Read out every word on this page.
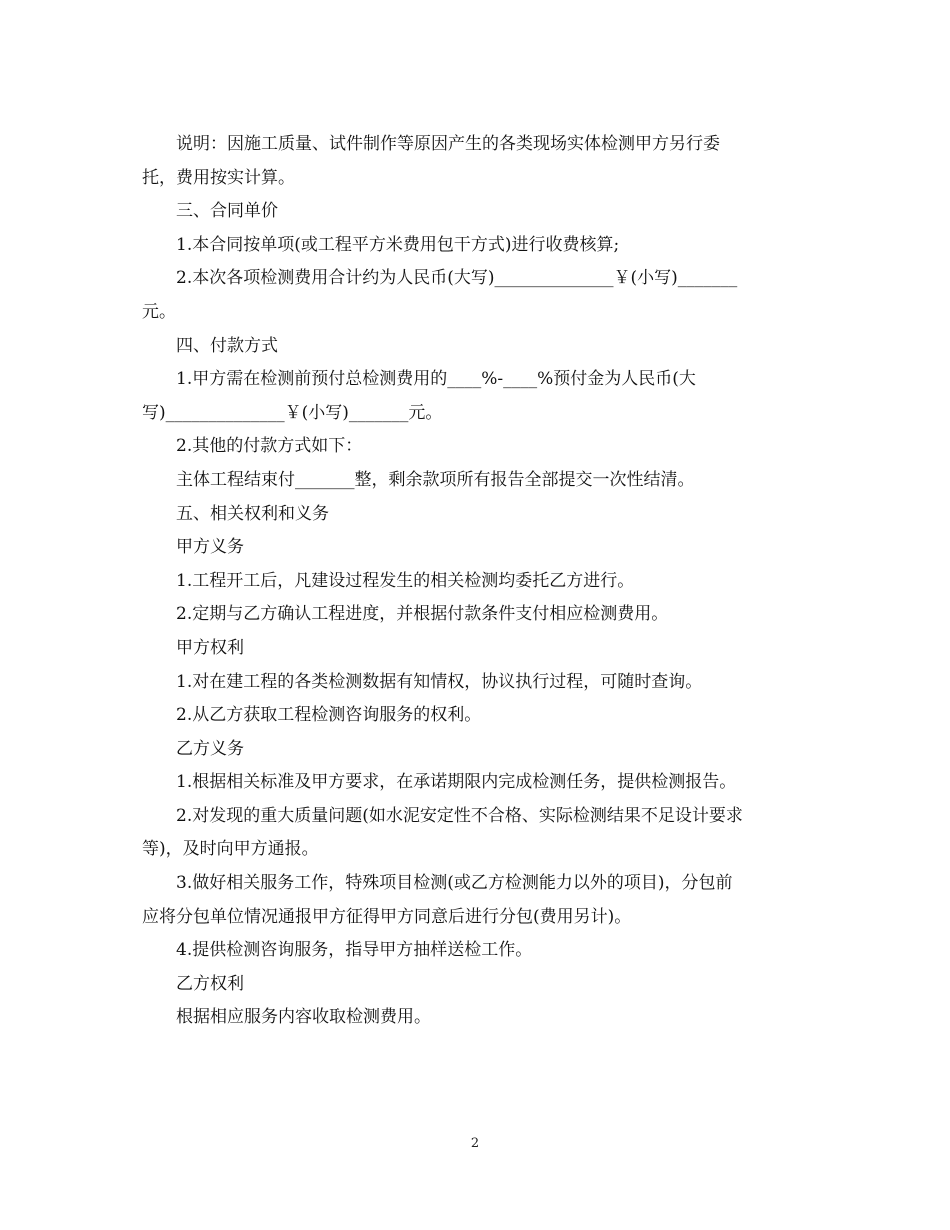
说明：因施工质量、试件制作等原因产生的各类现场实体检测甲方另行委

托，费用按实计算。

三、合同单价

1.本合同按单项(或工程平方米费用包干方式)进行收费核算;

2.本次各项检测费用合计约为人民币(大写)______________￥(小写)_______

元。

四、付款方式

1.甲方需在检测前预付总检测费用的____%-____%预付金为人民币(大

写)______________￥(小写)_______元。

2.其他的付款方式如下：

主体工程结束付_______整，剩余款项所有报告全部提交一次性结清。

五、相关权利和义务

甲方义务

1.工程开工后，凡建设过程发生的相关检测均委托乙方进行。

2.定期与乙方确认工程进度，并根据付款条件支付相应检测费用。

甲方权利

1.对在建工程的各类检测数据有知情权，协议执行过程，可随时查询。

2.从乙方获取工程检测咨询服务的权利。

乙方义务

1.根据相关标准及甲方要求，在承诺期限内完成检测任务，提供检测报告。

2.对发现的重大质量问题(如水泥安定性不合格、实际检测结果不足设计要求

等)，及时向甲方通报。

3.做好相关服务工作，特殊项目检测(或乙方检测能力以外的项目)，分包前

应将分包单位情况通报甲方征得甲方同意后进行分包(费用另计)。

4.提供检测咨询服务，指导甲方抽样送检工作。

乙方权利

根据相应服务内容收取检测费用。

2
